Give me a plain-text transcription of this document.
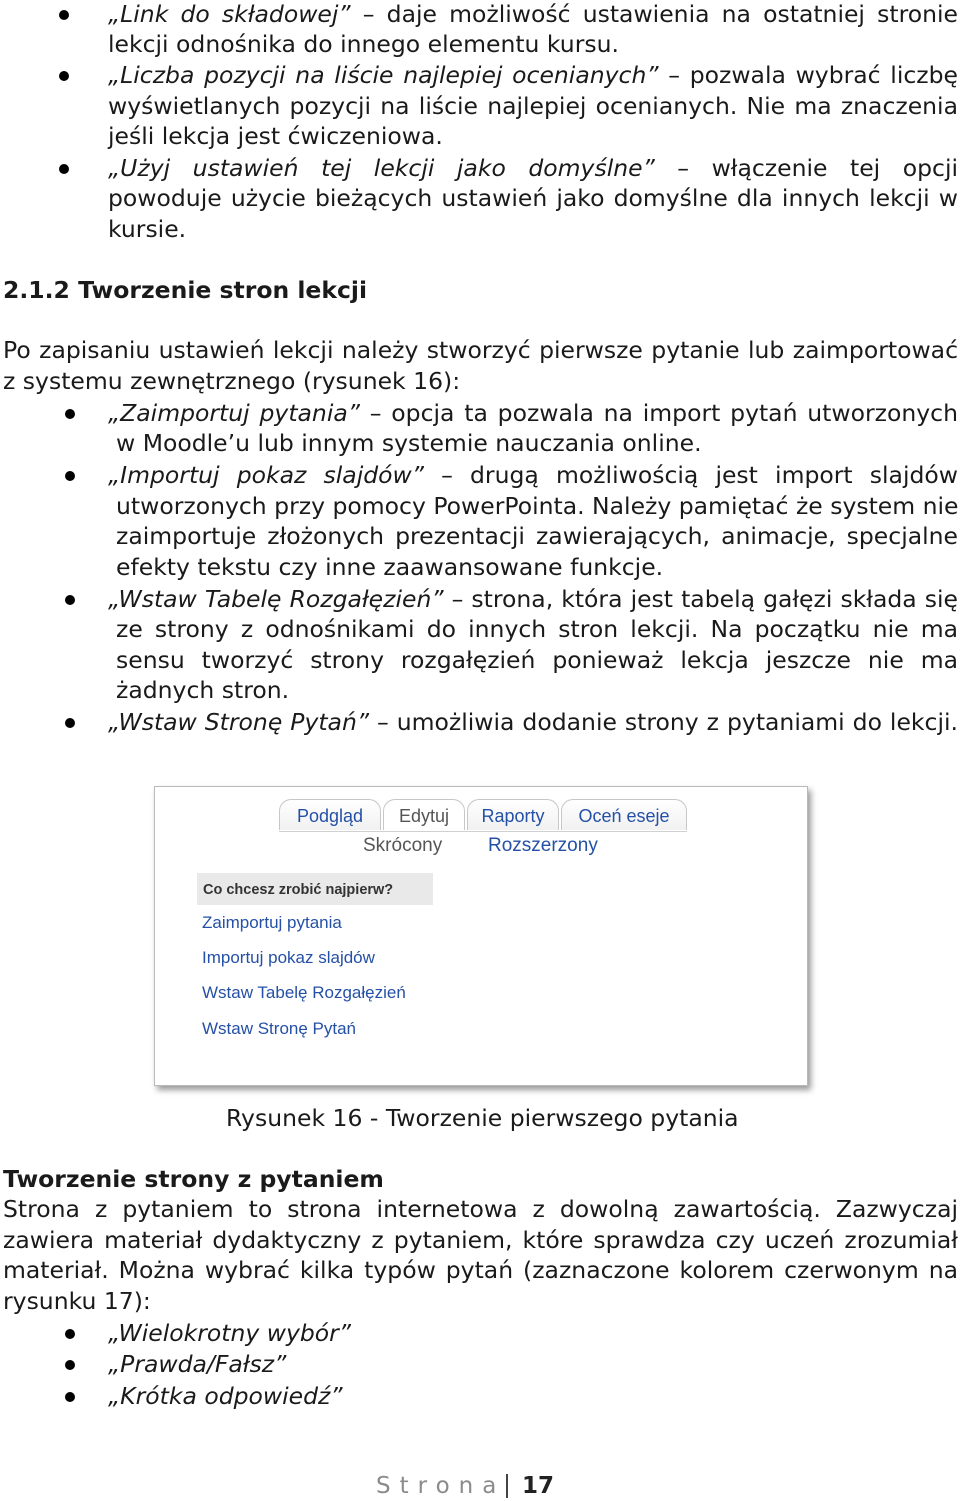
„Link do składowej” – daje możliwość ustawienia na ostatniej stronie
lekcji odnośnika do innego elementu kursu.
„Liczba pozycji na liście najlepiej ocenianych” – pozwala wybrać liczbę
wyświetlanych pozycji na liście najlepiej ocenianych. Nie ma znaczenia
jeśli lekcja jest ćwiczeniowa.
„Użyj ustawień tej lekcji jako domyślne” – włączenie tej opcji
powoduje użycie bieżących ustawień jako domyślne dla innych lekcji w
kursie.
2.1.2 Tworzenie stron lekcji
Po zapisaniu ustawień lekcji należy stworzyć pierwsze pytanie lub zaimportować
z systemu zewnętrznego (rysunek 16):
„Zaimportuj pytania” – opcja ta pozwala na import pytań utworzonych
w Moodle’u lub innym systemie nauczania online.
„Importuj pokaz slajdów” – drugą możliwością jest import slajdów
utworzonych przy pomocy PowerPointa. Należy pamiętać że system nie
zaimportuje złożonych prezentacji zawierających, animacje, specjalne
efekty tekstu czy inne zaawansowane funkcje.
„Wstaw Tabelę Rozgałęzień” – strona, która jest tabelą gałęzi składa się
ze strony z odnośnikami do innych stron lekcji. Na początku nie ma
sensu tworzyć strony rozgałęzień ponieważ lekcja jeszcze nie ma
żadnych stron.
„Wstaw Stronę Pytań” – umożliwia dodanie strony z pytaniami do lekcji.
Podgląd	Edytuj	Raporty	Oceń eseje
Skrócony Rozszerzony
Co chcesz zrobić najpierw?
Zaimportuj pytania
Importuj pokaz slajdów
Wstaw Tabelę Rozgałęzień
Wstaw Stronę Pytań
Rysunek 16 - Tworzenie pierwszego pytania
Tworzenie strony z pytaniem
Strona z pytaniem to strona internetowa z dowolną zawartością. Zazwyczaj
zawiera materiał dydaktyczny z pytaniem, które sprawdza czy uczeń zrozumiał
materiał. Można wybrać kilka typów pytań (zaznaczone kolorem czerwonym na
rysunku 17):
„Wielokrotny wybór”
„Prawda/Fałsz”
„Krótka odpowiedź”
Strona 17
